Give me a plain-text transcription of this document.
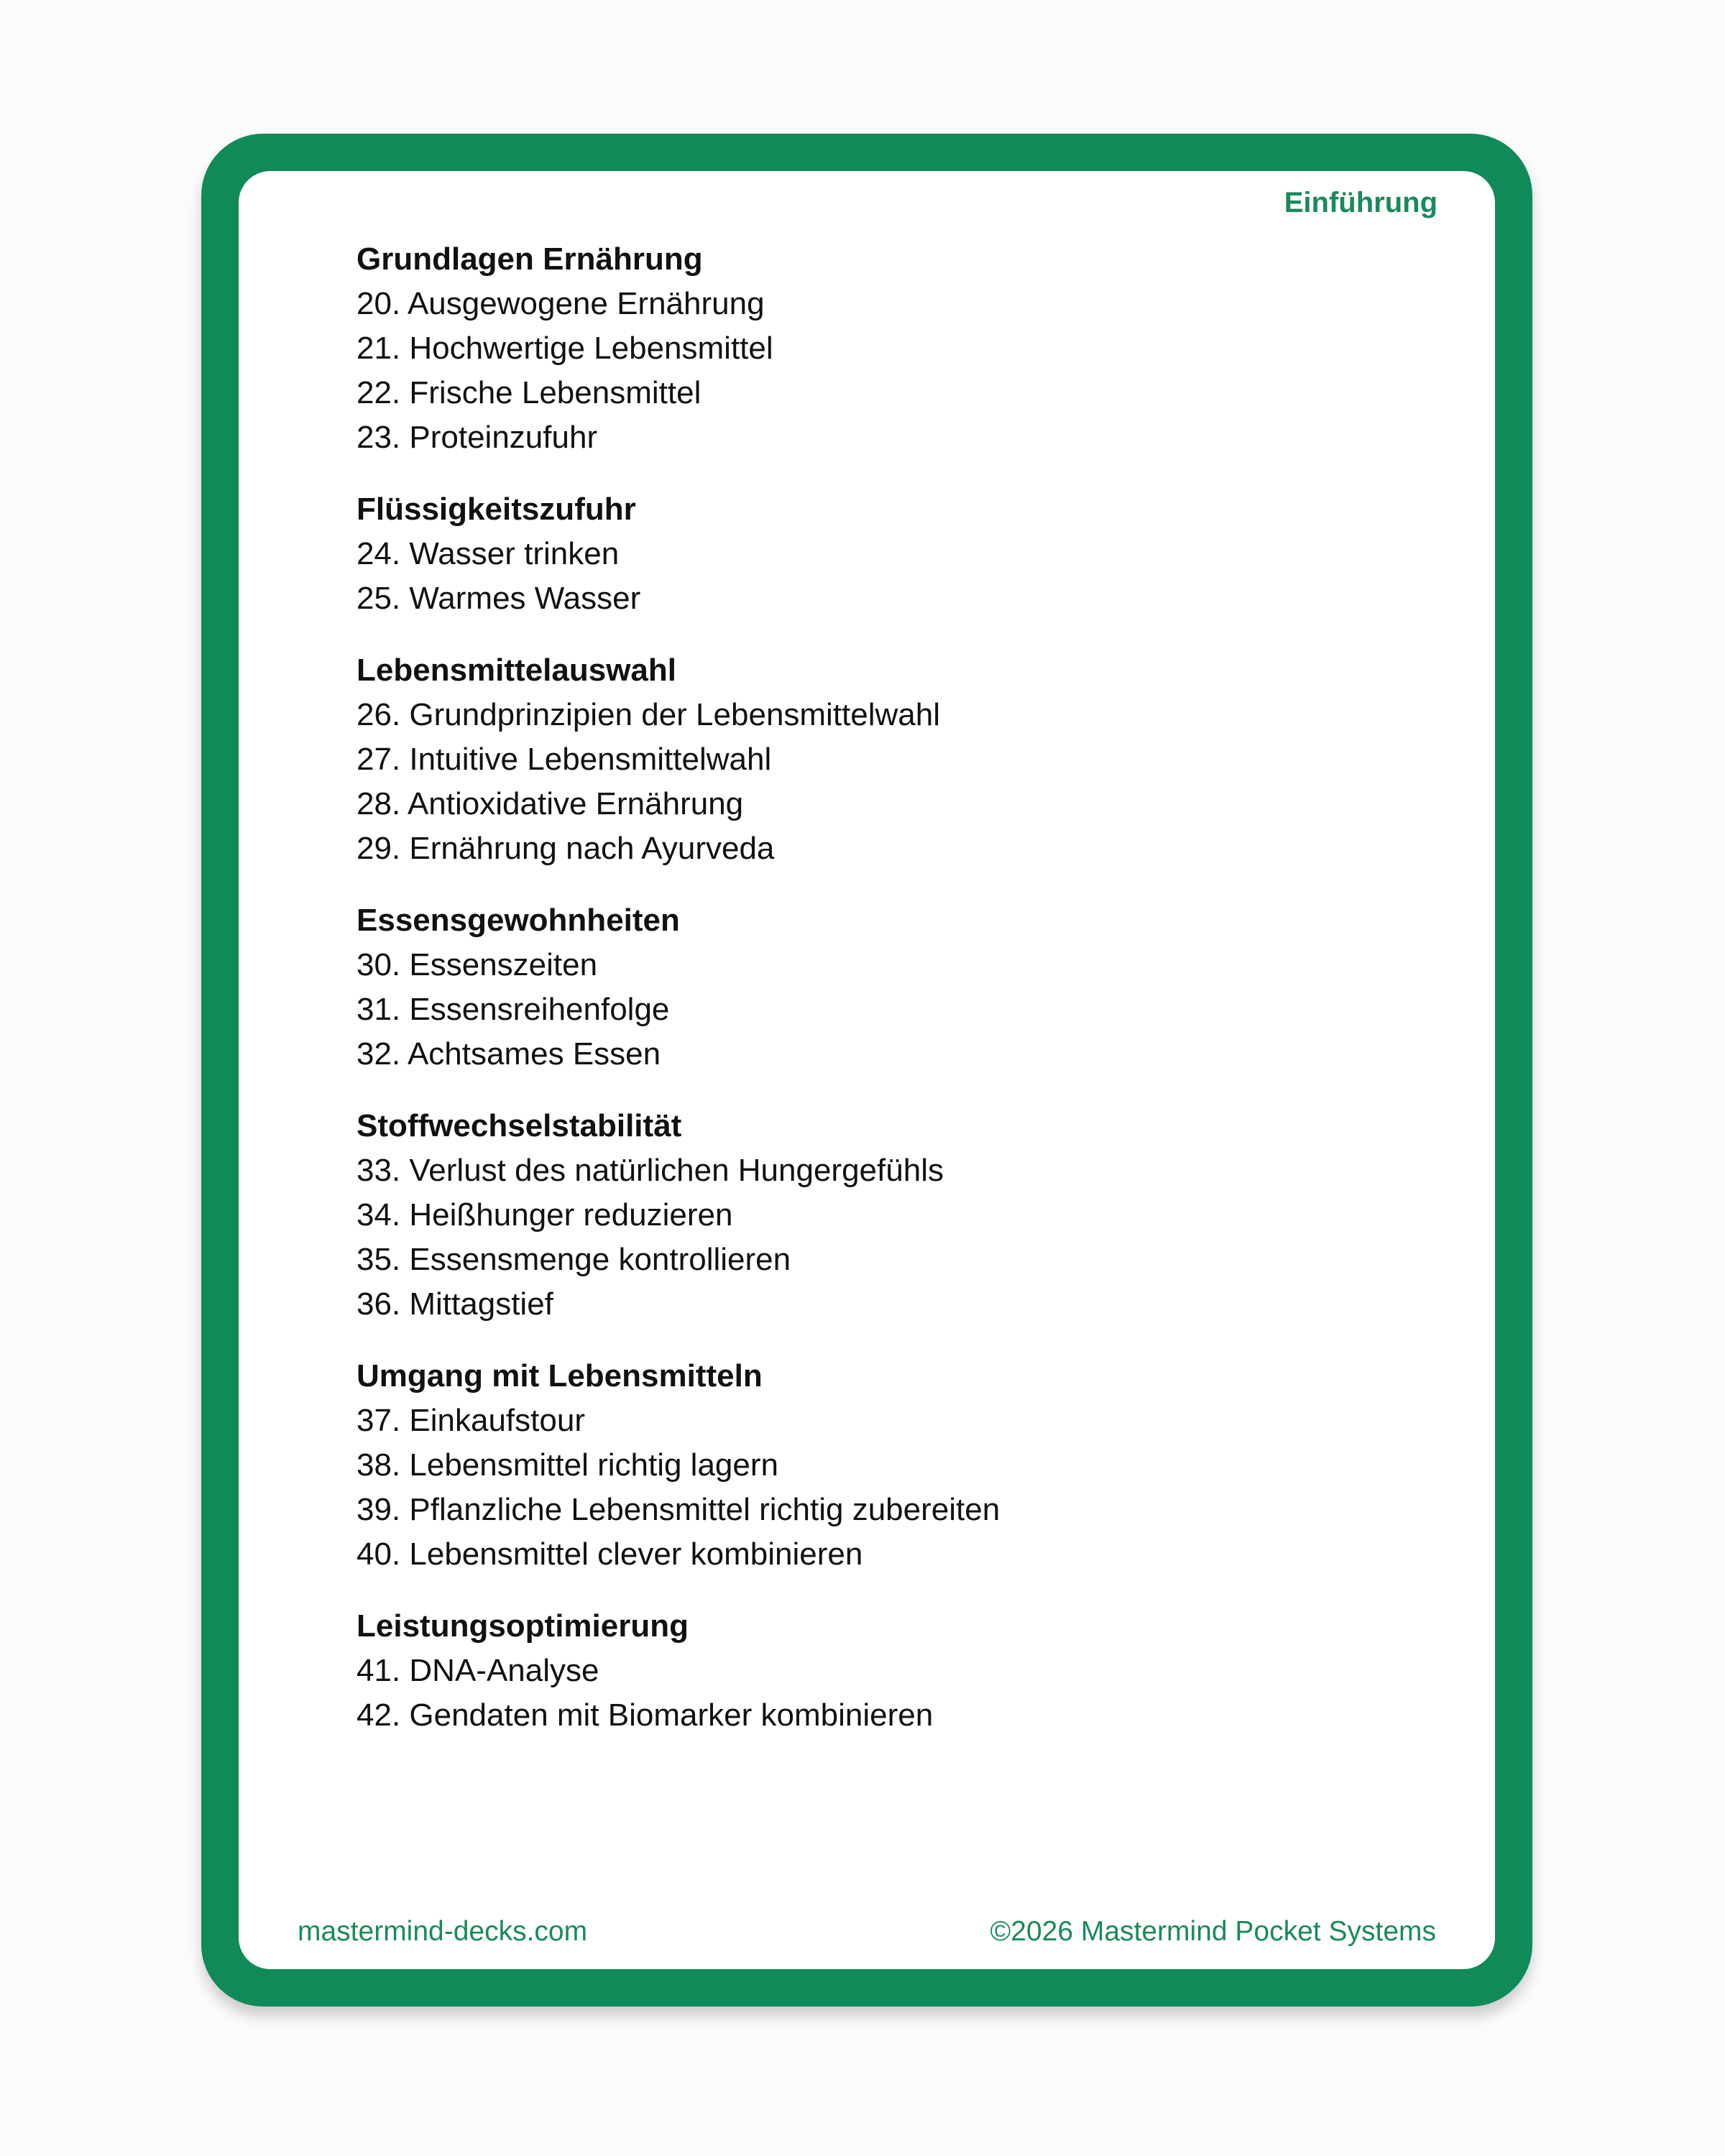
Einführung

Grundlagen Ernährung

20. Ausgewogene Ernährung
21. Hochwertige Lebensmittel
22. Frische Lebensmittel
23. Proteinzufuhr

Flüssigkeitszufuhr

24. Wasser trinken
25. Warmes Wasser

Lebensmittelauswahl

26. Grundprinzipien der Lebensmittelwahl
27. Intuitive Lebensmittelwahl
28. Antioxidative Ernährung
29. Ernährung nach Ayurveda

Essensgewohnheiten

30. Essenszeiten
31. Essensreihenfolge
32. Achtsames Essen

Stoffwechselstabilität

33. Verlust des natürlichen Hungergefühls
34. Heißhunger reduzieren
35. Essensmenge kontrollieren
36. Mittagstief

Umgang mit Lebensmitteln

37. Einkaufstour
38. Lebensmittel richtig lagern
39. Pflanzliche Lebensmittel richtig zubereiten
40. Lebensmittel clever kombinieren

Leistungsoptimierung

41. DNA-Analyse
42. Gendaten mit Biomarker kombinieren

mastermind-decks.com	©2026 Mastermind Pocket Systems
